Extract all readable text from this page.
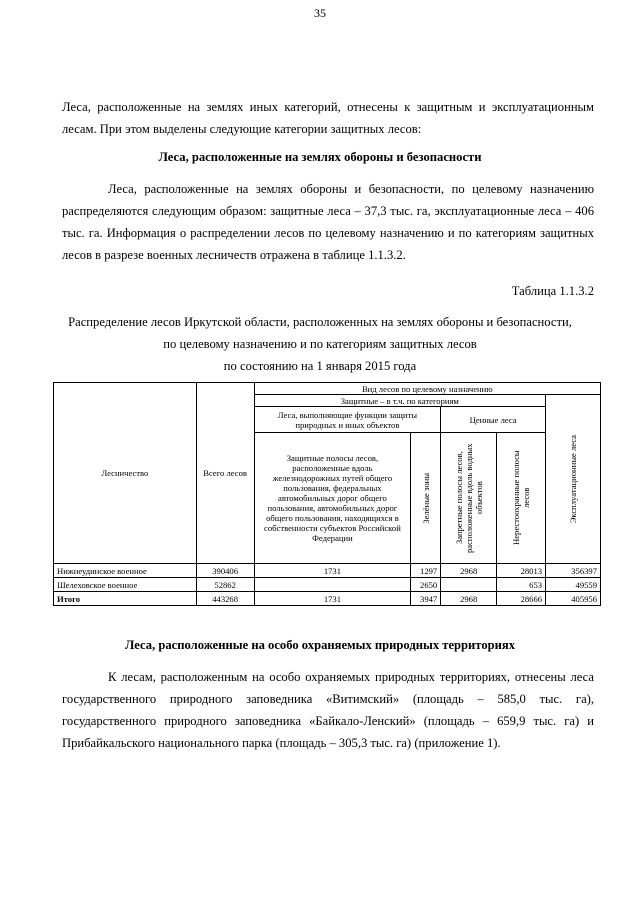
35

Леса, расположенные на землях иных категорий, отнесены к защитным и эксплуатационным лесам. При этом выделены следующие категории защитных лесов:

Леса, расположенные на землях обороны и безопасности

Леса, расположенные на землях обороны и безопасности, по целевому назначению распределяются следующим образом: защитные леса – 37,3 тыс. га, эксплуатационные леса – 406 тыс. га. Информация о распределении лесов по целевому назначению и по категориям защитных лесов в разрезе военных лесничеств отражена в таблице 1.1.3.2.

Таблица 1.1.3.2

Распределение лесов Иркутской области, расположенных на землях обороны и безопасности,

по целевому назначению и по категориям защитных лесов

по состоянию на 1 января 2015 года

Лесничество	Всего лесов	Вид лесов по целевому назначению				
		Защитные – в т.ч. по категориям				Эксплуатационные леса

		Леса, выполняющие функции защиты природных и иных объектов		Ценные леса		
		Защитные полосы лесов, расположенные вдоль железнодорожных путей общего пользования, федеральных автомобильных дорог общего пользования, автомобильных дорог общего пользования, находящихся в собственности субъектов Российской Федерации	Зелёные зоны	Запретные полосы лесов, расположенные вдоль водных объектов	Нерестоохранные полосы лесов	

Нижнеудинское военное	390406	1731	1297	2968	28013	356397
Шелеховское военное	52862		2650		653	49559
Итого	443268	1731	3947	2968	28666	405956

Леса, расположенные на особо охраняемых природных территориях

К лесам, расположенным на особо охраняемых природных территориях, отнесены леса государственного природного заповедника «Витимский» (площадь – 585,0 тыс. га), государственного природного заповедника «Байкало-Ленский» (площадь – 659,9 тыс. га) и Прибайкальского национального парка (площадь – 305,3 тыс. га) (приложение 1).
